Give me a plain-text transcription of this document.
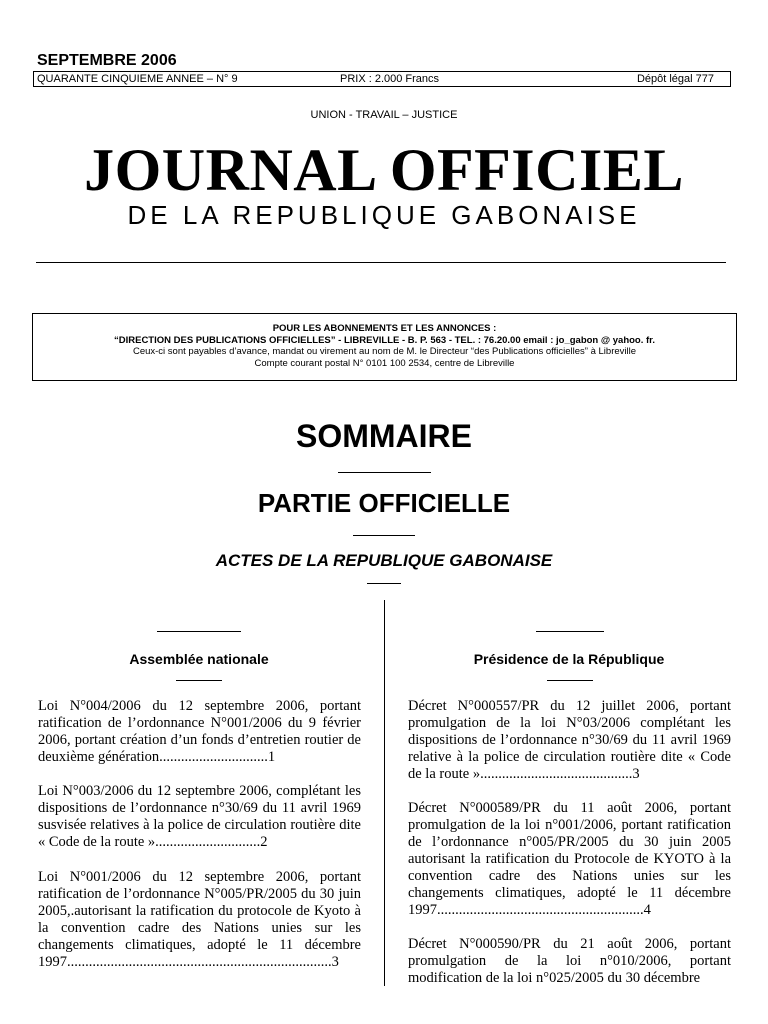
SEPTEMBRE 2006
QUARANTE CINQUIEME ANNEE – N° 9	PRIX : 2.000 Francs	Dépôt légal 777
UNION - TRAVAIL – JUSTICE
JOURNAL OFFICIEL
DE LA REPUBLIQUE GABONAISE
POUR LES ABONNEMENTS ET LES ANNONCES :
“DIRECTION DES PUBLICATIONS OFFICIELLES” - LIBREVILLE - B. P. 563 - TEL. : 76.20.00 email : jo_gabon @ yahoo. fr.
Ceux-ci sont payables d’avance, mandat ou virement au nom de M. le Directeur “des Publications officielles” à Libreville
Compte courant postal N° 0101 100 2534, centre de Libreville
SOMMAIRE
PARTIE OFFICIELLE
ACTES DE LA REPUBLIQUE GABONAISE
Assemblée nationale	Présidence de la République
Loi N°004/2006 du 12 septembre 2006, portant ratification de l’ordonnance N°001/2006 du 9 février 2006, portant création d’un fonds d’entretien routier de deuxième génération..............................1
Loi N°003/2006 du 12 septembre 2006, complétant les dispositions de l’ordonnance n°30/69 du 11 avril 1969 susvisée relatives à la police de circulation routière dite « Code de la route ».............................2
Loi N°001/2006 du 12 septembre 2006, portant ratification de l’ordonnance N°005/PR/2005 du 30 juin 2005,.autorisant la ratification du protocole de Kyoto à la convention cadre des Nations unies sur les changements climatiques, adopté le 11 décembre 1997.........................................................................3
Décret N°000557/PR du 12 juillet 2006, portant promulgation de la loi N°03/2006 complétant les dispositions de l’ordonnance n°30/69 du 11 avril 1969 relative à la police de circulation routière dite « Code de la route »..........................................3
Décret N°000589/PR du 11 août 2006, portant promulgation de la loi n°001/2006, portant ratification de l’ordonnance n°005/PR/2005 du 30 juin 2005 autorisant la ratification du Protocole de KYOTO à la convention cadre des Nations unies sur les changements climatiques, adopté le 11 décembre 1997.........................................................4
Décret N°000590/PR du 21 août 2006, portant promulgation de la loi n°010/2006, portant modification de la loi n°025/2005 du 30 décembre
